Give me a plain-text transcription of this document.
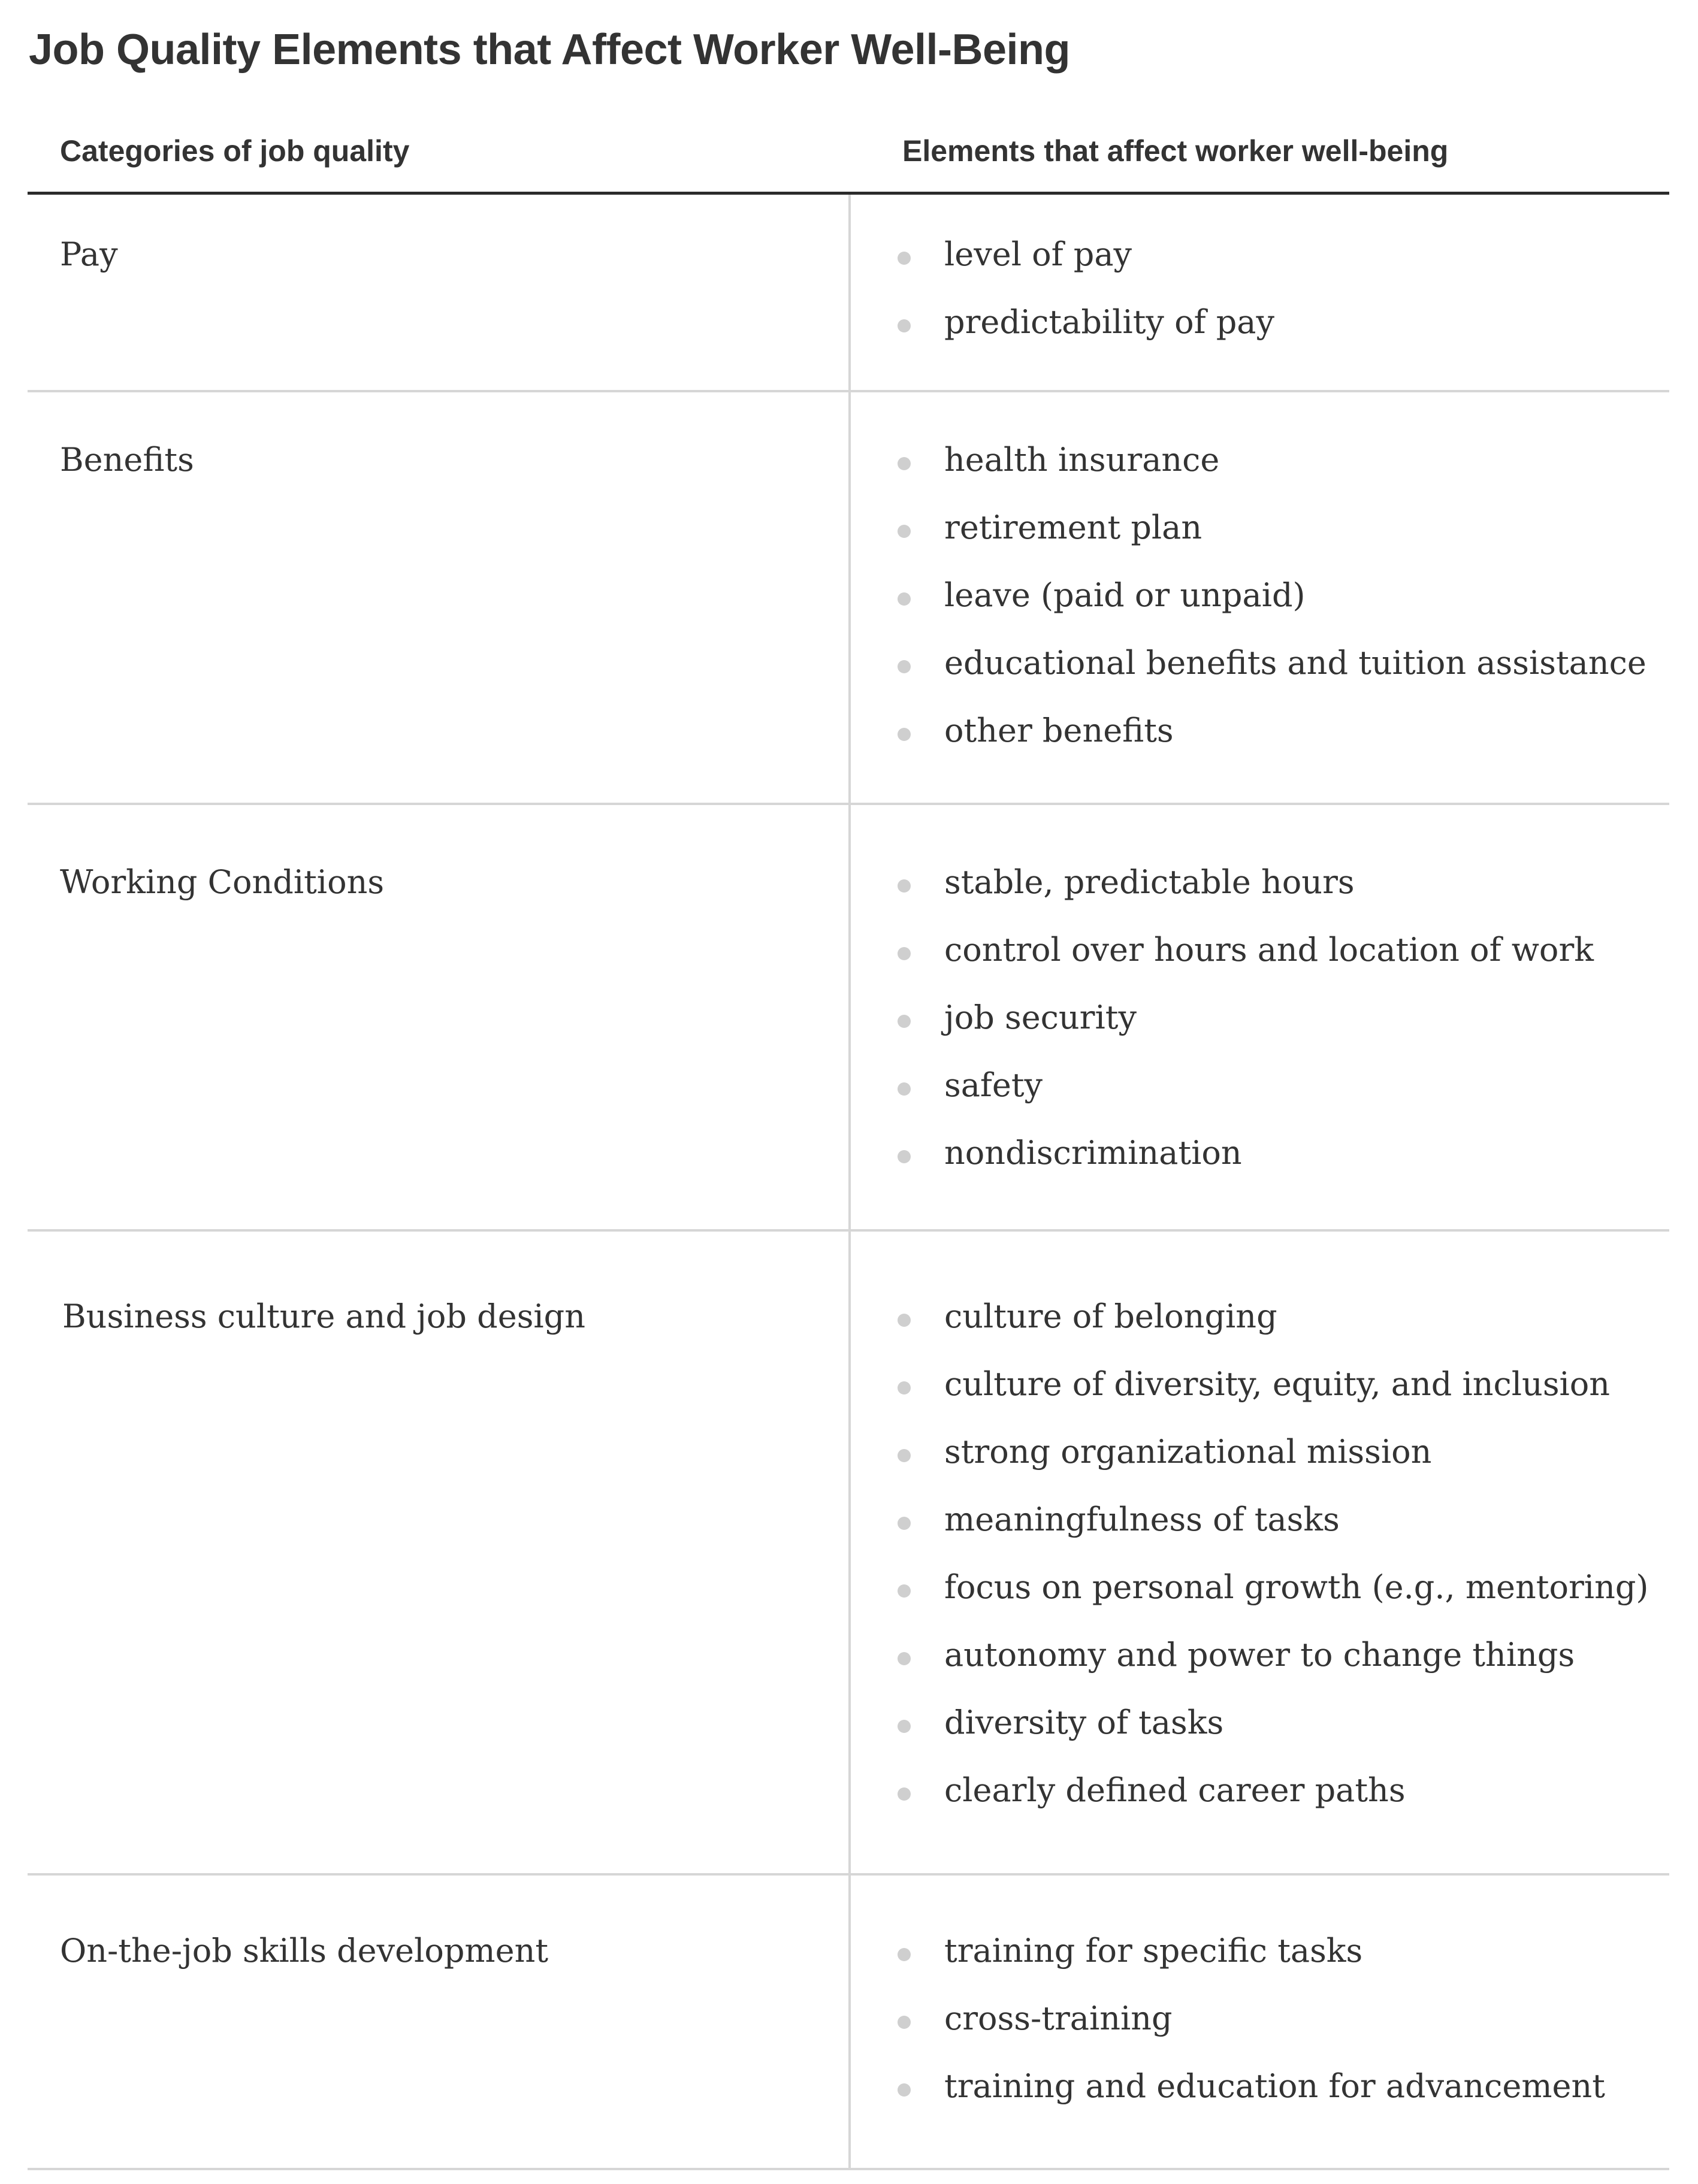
Job Quality Elements that Affect Worker Well-Being
Categories of job quality	Elements that affect worker well-being
Pay	level of pay
predictability of pay
Benefits	health insurance
retirement plan
leave (paid or unpaid)
educational benefits and tuition assistance
other benefits
Working Conditions	stable, predictable hours
control over hours and location of work
job security
safety
nondiscrimination
Business culture and job design	culture of belonging
culture of diversity, equity, and inclusion
strong organizational mission
meaningfulness of tasks
focus on personal growth (e.g., mentoring)
autonomy and power to change things
diversity of tasks
clearly defined career paths
On-the-job skills development	training for specific tasks
cross-training
training and education for advancement
